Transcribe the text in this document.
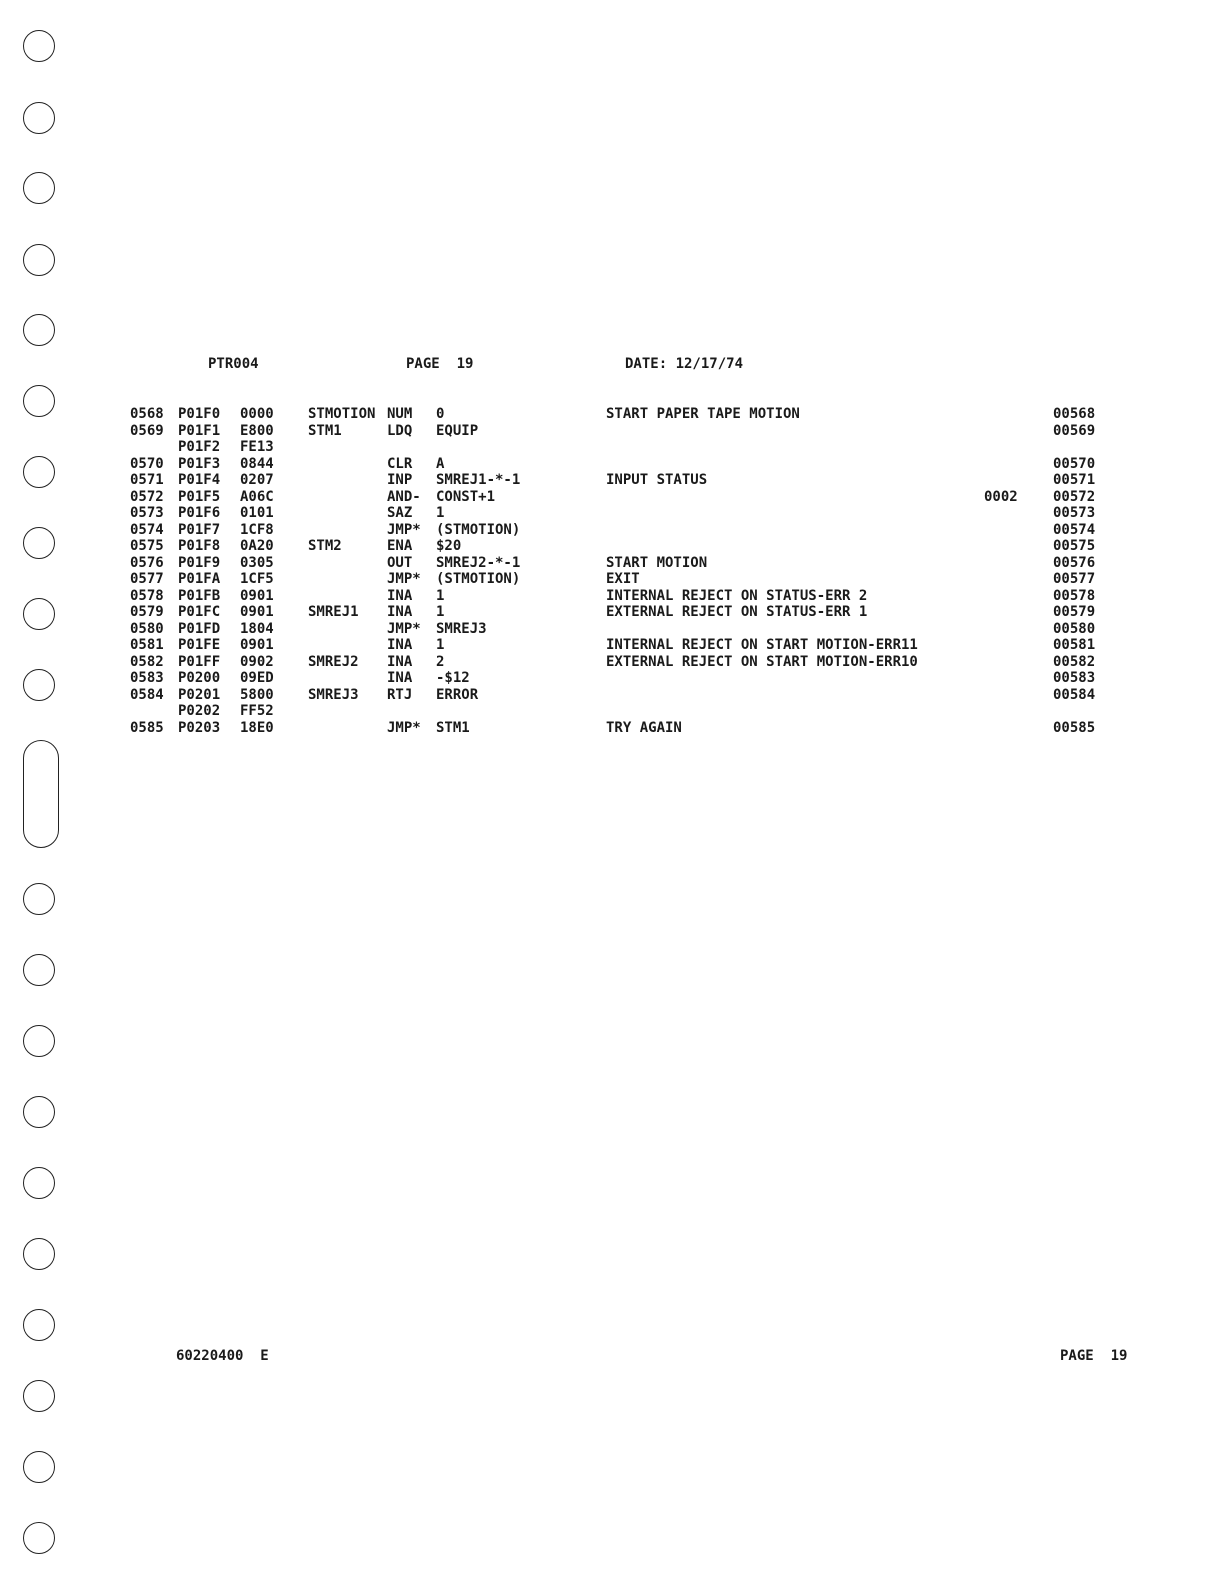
PTR004	PAGE  19	DATE: 12/17/74
0568 P01F0 0000 STMOTION NUM 0	START PAPER TAPE MOTION	00568
0569 P01F1 E800 STM1	LDQ EQUIP	00569
P01F2 FE13
0570 P01F3 0844	CLR A	00570
0571 P01F4 0207	INP SMREJ1-*-1	INPUT STATUS	00571
0572 P01F5 A06C	AND- CONST+1	0002	00572
0573 P01F6 0101	SAZ 1	00573
0574 P01F7 1CF8	JMP* (STMOTION)	00574
0575 P01F8 0A20 STM2	ENA $20	00575
0576 P01F9 0305	OUT SMREJ2-*-1	START MOTION	00576
0577 P01FA 1CF5	JMP* (STMOTION)	EXIT	00577
0578 P01FB 0901	INA 1	INTERNAL REJECT ON STATUS-ERR 2	00578
0579 P01FC 0901 SMREJ1 INA 1	EXTERNAL REJECT ON STATUS-ERR 1	00579
0580 P01FD 1804	JMP* SMREJ3	00580
0581 P01FE 0901	INA 1	INTERNAL REJECT ON START MOTION-ERR11	00581
0582 P01FF 0902 SMREJ2 INA 2	EXTERNAL REJECT ON START MOTION-ERR10	00582
0583 P0200 09ED	INA -$12	00583
0584 P0201 5800 SMREJ3 RTJ ERROR	00584
P0202 FF52
0585 P0203 18E0	JMP* STM1	TRY AGAIN	00585
60220400  E	PAGE  19
